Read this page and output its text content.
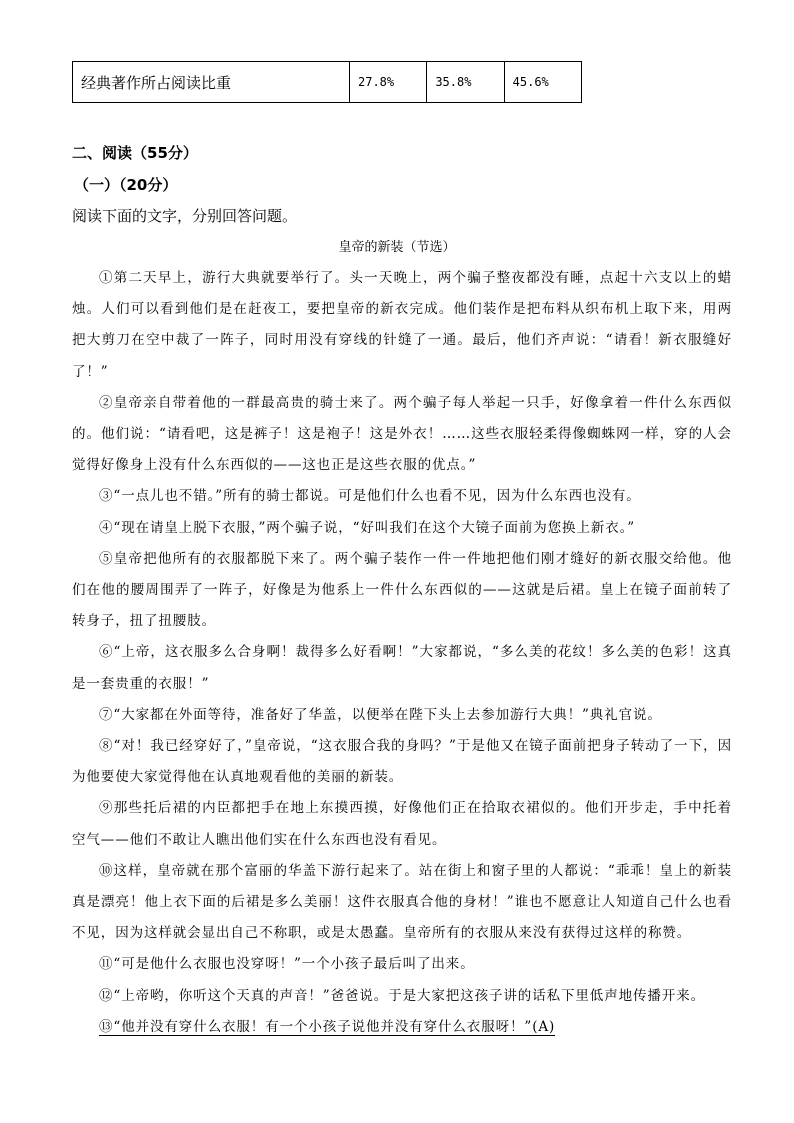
经典著作所占阅读比重	27.8%	35.8%	45.6%
二、阅读（55分）
（一）（20分）
阅读下面的文字，分别回答问题。
皇帝的新装（节选）

①第二天早上，游行大典就要举行了。头一天晚上，两个骗子整夜都没有睡，点起十六支以上的蜡烛。人们可以看到他们是在赶夜工，要把皇帝的新衣完成。他们装作是把布料从织布机上取下来，用两把大剪刀在空中裁了一阵子，同时用没有穿线的针缝了一通。最后，他们齐声说：“请看！新衣服缝好了！”

②皇帝亲自带着他的一群最高贵的骑士来了。两个骗子每人举起一只手，好像拿着一件什么东西似的。他们说：“请看吧，这是裤子！这是袍子！这是外衣！……这些衣服轻柔得像蜘蛛网一样，穿的人会觉得好像身上没有什么东西似的——这也正是这些衣服的优点。”

③“一点儿也不错。”所有的骑士都说。可是他们什么也看不见，因为什么东西也没有。

④“现在请皇上脱下衣服，”两个骗子说，“好叫我们在这个大镜子面前为您换上新衣。”

⑤皇帝把他所有的衣服都脱下来了。两个骗子装作一件一件地把他们刚才缝好的新衣服交给他。他们在他的腰周围弄了一阵子，好像是为他系上一件什么东西似的——这就是后裙。皇上在镜子面前转了转身子，扭了扭腰肢。

⑥“上帝，这衣服多么合身啊！裁得多么好看啊！”大家都说，“多么美的花纹！多么美的色彩！这真是一套贵重的衣服！”

⑦“大家都在外面等待，准备好了华盖，以便举在陛下头上去参加游行大典！”典礼官说。

⑧“对！我已经穿好了，”皇帝说，“这衣服合我的身吗？”于是他又在镜子面前把身子转动了一下，因为他要使大家觉得他在认真地观看他的美丽的新装。

⑨那些托后裙的内臣都把手在地上东摸西摸，好像他们正在拾取衣裙似的。他们开步走，手中托着空气——他们不敢让人瞧出他们实在什么东西也没有看见。

⑩这样，皇帝就在那个富丽的华盖下游行起来了。站在街上和窗子里的人都说：“乖乖！皇上的新装真是漂亮！他上衣下面的后裙是多么美丽！这件衣服真合他的身材！”谁也不愿意让人知道自己什么也看不见，因为这样就会显出自己不称职，或是太愚蠢。皇帝所有的衣服从来没有获得过这样的称赞。

⑪“可是他什么衣服也没穿呀！”一个小孩子最后叫了出来。

⑫“上帝哟，你听这个天真的声音！”爸爸说。于是大家把这孩子讲的话私下里低声地传播开来。

⑬“他并没有穿什么衣服！有一个小孩子说他并没有穿什么衣服呀！”(A)
